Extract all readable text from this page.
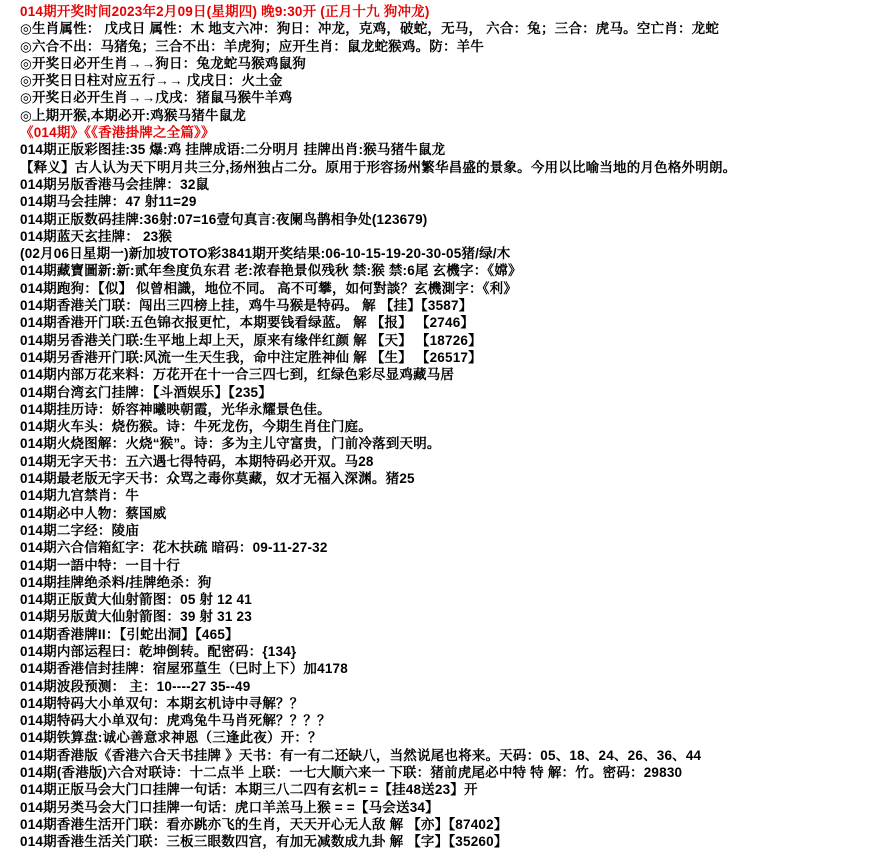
014期开奖时间2023年2月09日(星期四) 晚9:30开 (正月十九 狗冲龙)
◎生肖属性： 戊戌日 属性：木 地支六冲：狗日：冲龙，克鸡，破蛇，无马， 六合：兔；三合：虎马。空亡肖：龙蛇
◎六合不出：马猪兔；三合不出：羊虎狗；应开生肖：鼠龙蛇猴鸡。防：羊牛
◎开奖日必开生肖→→狗日：兔龙蛇马猴鸡鼠狗
◎开奖日日柱对应五行→→ 戊戌日：火土金
◎开奖日必开生肖→→戊戌：猪鼠马猴牛羊鸡
◎上期开猴,本期必开:鸡猴马猪牛鼠龙
《014期》《《香港掛牌之全篇》》
014期正版彩图挂:35 爆:鸡 挂牌成语:二分明月 挂牌出肖:猴马猪牛鼠龙
【释义】古人认为天下明月共三分,扬州独占二分。原用于形容扬州繁华昌盛的景象。今用以比喻当地的月色格外明朗。
014期另版香港马会挂牌：32鼠
014期马会挂牌：47 射11=29
014期正版数码挂牌:36射:07=16壹句真言:夜阑鸟鹊相争处(123679)
014期蓝天玄挂牌： 23猴
(02月06日星期一)新加坡TOTO彩3841期开奖结果:06-10-15-19-20-30-05猪/绿/木
014期藏寶圖新:新:贰年叁度负东君 老:浓春艳景似残秋 禁:猴 禁:6尾 玄機字：《嫦》
014期跑狗：【似】 似曾相識，地位不同。 高不可攀，如何對談？玄機測字：《利》
014期香港关门联：闯出三四榜上挂，鸡牛马猴是特码。 解 【挂】【3587】
014期香港开门联:五色锦衣报更忙，本期要钱看绿蓝。 解 【报】 【2746】
014期另香港关门联:生平地上却上天，原来有缘伴红颜 解 【天】 【18726】
014期另香港开门联:风流一生天生我，命中注定胜神仙 解 【生】 【26517】
014期内部万花来料：万花开在十一合三四七到，红绿色彩尽显鸡藏马居
014期台湾玄门挂牌：【斗酒娱乐】【235】
014期挂历诗：娇容神曦映朝霞，光华永耀景色佳。
014期火车头：烧伤猴。诗：牛死龙伤，今期生肖住门庭。
014期火烧图解：火烧“猴”。诗：多为主儿守富贵，门前冷落到天明。
014期无字天书：五六遇七得特码，本期特码必开双。马28
014期最老版无字天书：众骂之毒你莫藏，奴才无福入深渊。猪25
014期九宫禁肖：牛
014期必中人物：蔡国威
014期二字经：陵庙
014期六合信箱紅字：花木扶疏 暗码：09-11-27-32
014期一語中特：一目十行
014期挂牌绝杀料/挂牌绝杀：狗
014期正版黄大仙射箭图：05 射 12 41
014期另版黄大仙射箭图：39 射 31 23
014期香港牌II：【引蛇出洞】【465】
014期内部运程曰：乾坤倒转。配密码：{134}
014期香港信封挂牌：宿屋邪葟生（巳时上下）加4178
014期波段预测： 主：10----27 35--49
014期特码大小单双句：本期玄机诗中寻解？？
014期特码大小单双句：虎鸡兔牛马肖死解？？？？
014期铁算盘:诚心善意求神恩（三逢此夜）开：？
014期香港版《香港六合天书挂牌 》天书：有一有二还缺八，当然说尾也将来。天码：05、18、24、26、36、44
014期(香港版)六合对联诗：十二点半 上联：一七大顺六来一 下联：猪前虎尾必中特 特 解：竹。密码：29830
014期正版马会大门口挂牌一句话：本期三八二四有玄机= =【挂48送23】开
014期另类马会大门口挂牌一句话：虎口羊羔马上猴 = =【马会送34】
014期香港生活开门联：看亦跳亦飞的生肖，天天开心无人敌 解 【亦】【87402】
014期香港生活关门联：三板三眼数四宫，有加无减数成九卦 解 【字】【35260】
